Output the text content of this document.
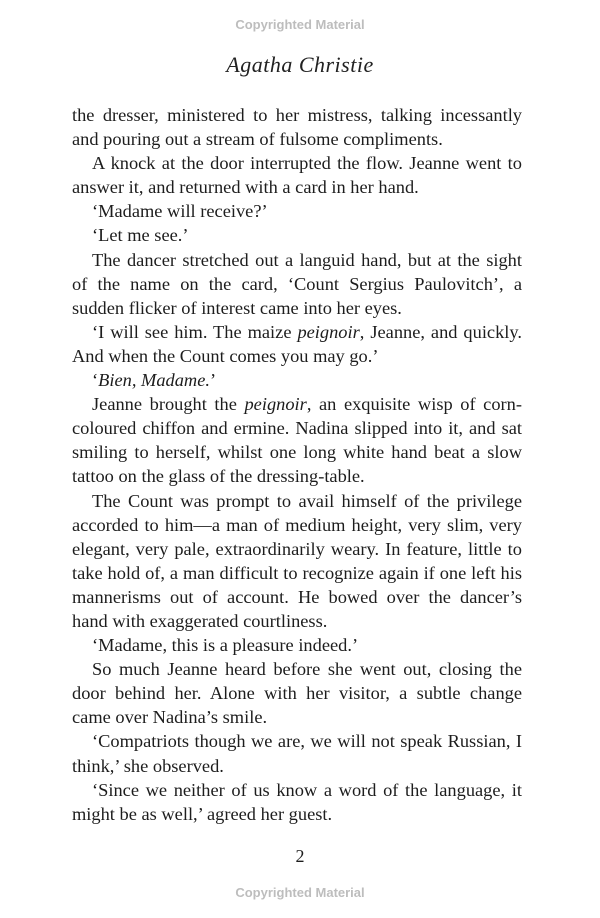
Copyrighted Material
Agatha Christie

the dresser, ministered to her mistress, talking incessantly and pouring out a stream of fulsome compliments.

A knock at the door interrupted the flow. Jeanne went to answer it, and returned with a card in her hand.

‘Madame will receive?’

‘Let me see.’

The dancer stretched out a languid hand, but at the sight of the name on the card, ‘Count Sergius Paulovitch’, a sudden flicker of interest came into her eyes.

‘I will see him. The maize peignoir, Jeanne, and quickly. And when the Count comes you may go.’

‘Bien, Madame.’

Jeanne brought the peignoir, an exquisite wisp of corn-coloured chiffon and ermine. Nadina slipped into it, and sat smiling to herself, whilst one long white hand beat a slow tattoo on the glass of the dressing-table.

The Count was prompt to avail himself of the privilege accorded to him—a man of medium height, very slim, very elegant, very pale, extraordinarily weary. In feature, little to take hold of, a man difficult to recognize again if one left his mannerisms out of account. He bowed over the dancer’s hand with exaggerated courtliness.

‘Madame, this is a pleasure indeed.’

So much Jeanne heard before she went out, closing the door behind her. Alone with her visitor, a subtle change came over Nadina’s smile.

‘Compatriots though we are, we will not speak Russian, I think,’ she observed.

‘Since we neither of us know a word of the language, it might be as well,’ agreed her guest.

2
Copyrighted Material
